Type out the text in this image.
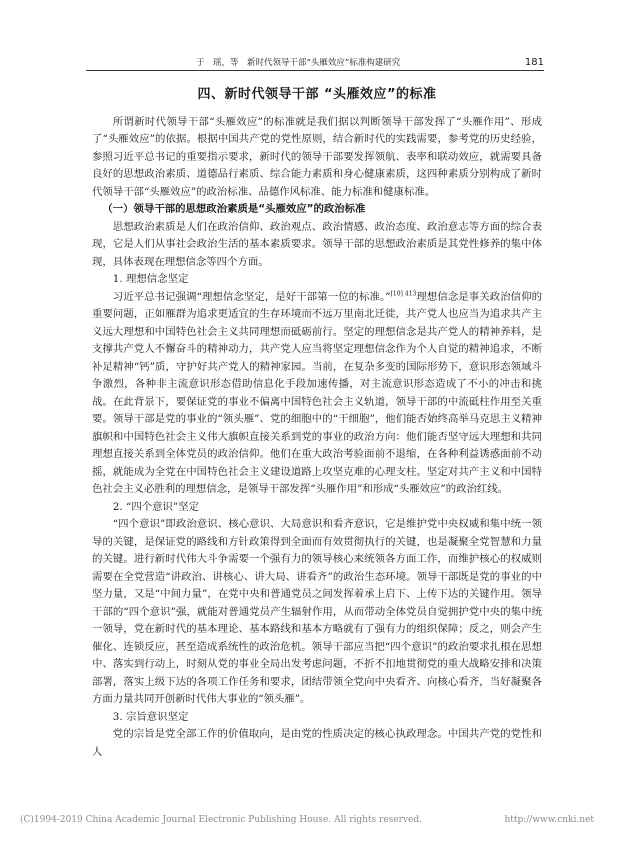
于　瑶，等　新时代领导干部“头雁效应”标准构建研究	181
四、新时代领导干部 “头雁效应”的标准

所谓新时代领导干部“头雁效应”的标准就是我们据以判断领导干部发挥了“头雁作用”、形成了“头雁效应”的依据。根据中国共产党的党性原则，结合新时代的实践需要，参考党的历史经验，参照习近平总书记的重要指示要求，新时代的领导干部要发挥领航、表率和联动效应，就需要具备良好的思想政治素质、道德品行素质、综合能力素质和身心健康素质，这四种素质分别构成了新时代领导干部“头雁效应”的政治标准、品德作风标准、能力标准和健康标准。

（一）领导干部的思想政治素质是“头雁效应”的政治标准

思想政治素质是人们在政治信仰、政治观点、政治情感、政治态度、政治意志等方面的综合表现，它是人们从事社会政治生活的基本素质要求。领导干部的思想政治素质是其党性修养的集中体现，具体表现在理想信念等四个方面。

1. 理想信念坚定

习近平总书记强调“理想信念坚定，是好干部第一位的标准。”$^{[10] 413}$理想信念是事关政治信仰的重要问题，正如雁群为追求更适宜的生存环境而不远万里南北迁徙，共产党人也应当为追求共产主义远大理想和中国特色社会主义共同理想而砥砺前行。坚定的理想信念是共产党人的精神养料，是支撑共产党人不懈奋斗的精神动力，共产党人应当将坚定理想信念作为个人自觉的精神追求，不断补足精神“钙”质，守护好共产党人的精神家园。当前，在复杂多变的国际形势下，意识形态领域斗争激烈，各种非主流意识形态借助信息化手段加速传播，对主流意识形态造成了不小的冲击和挑战。在此背景下，要保证党的事业不偏离中国特色社会主义轨道，领导干部的中流砥柱作用至关重要。领导干部是党的事业的“领头雁”、党的细胞中的“干细胞”，他们能否始终高举马克思主义精神旗帜和中国特色社会主义伟大旗帜直接关系到党的事业的政治方向：他们能否坚守远大理想和共同理想直接关系到全体党员的政治信仰。他们在重大政治考验面前不退缩，在各种利益诱惑面前不动摇，就能成为全党在中国特色社会主义建设道路上攻坚克难的心理支柱。坚定对共产主义和中国特色社会主义必胜利的理想信念，是领导干部发挥“头雁作用”和形成“头雁效应”的政治红线。

2. “四个意识”坚定

“四个意识”即政治意识、核心意识、大局意识和看齐意识，它是维护党中央权威和集中统一领导的关键，是保证党的路线和方针政策得到全面而有效贯彻执行的关键，也是凝聚全党智慧和力量的关键。进行新时代伟大斗争需要一个强有力的领导核心来统领各方面工作，而维护核心的权威则需要在全党营造“讲政治、讲核心、讲大局、讲看齐”的政治生态环境。领导干部既是党的事业的中坚力量，又是“中间力量”，在党中央和普通党员之间发挥着承上启下、上传下达的关键作用。领导干部的“四个意识”强，就能对普通党员产生辐射作用，从而带动全体党员自觉拥护党中央的集中统一领导，党在新时代的基本理论、基本路线和基本方略就有了强有力的组织保障；反之，则会产生催化、连锁反应，甚至造成系统性的政治危机。领导干部应当把“四个意识”的政治要求扎根在思想中、落实到行动上，时刻从党的事业全局出发考虑问题，不折不扣地贯彻党的重大战略安排和决策部署，落实上级下达的各项工作任务和要求，团结带领全党向中央看齐、向核心看齐，当好凝聚各方面力量共同开创新时代伟大事业的“领头雁”。

3. 宗旨意识坚定

党的宗旨是党全部工作的价值取向，是由党的性质决定的核心执政理念。中国共产党的党性和人

(C)1994-2019 China Academic Journal Electronic Publishing House. All rights reserved.	http://www.cnki.net
